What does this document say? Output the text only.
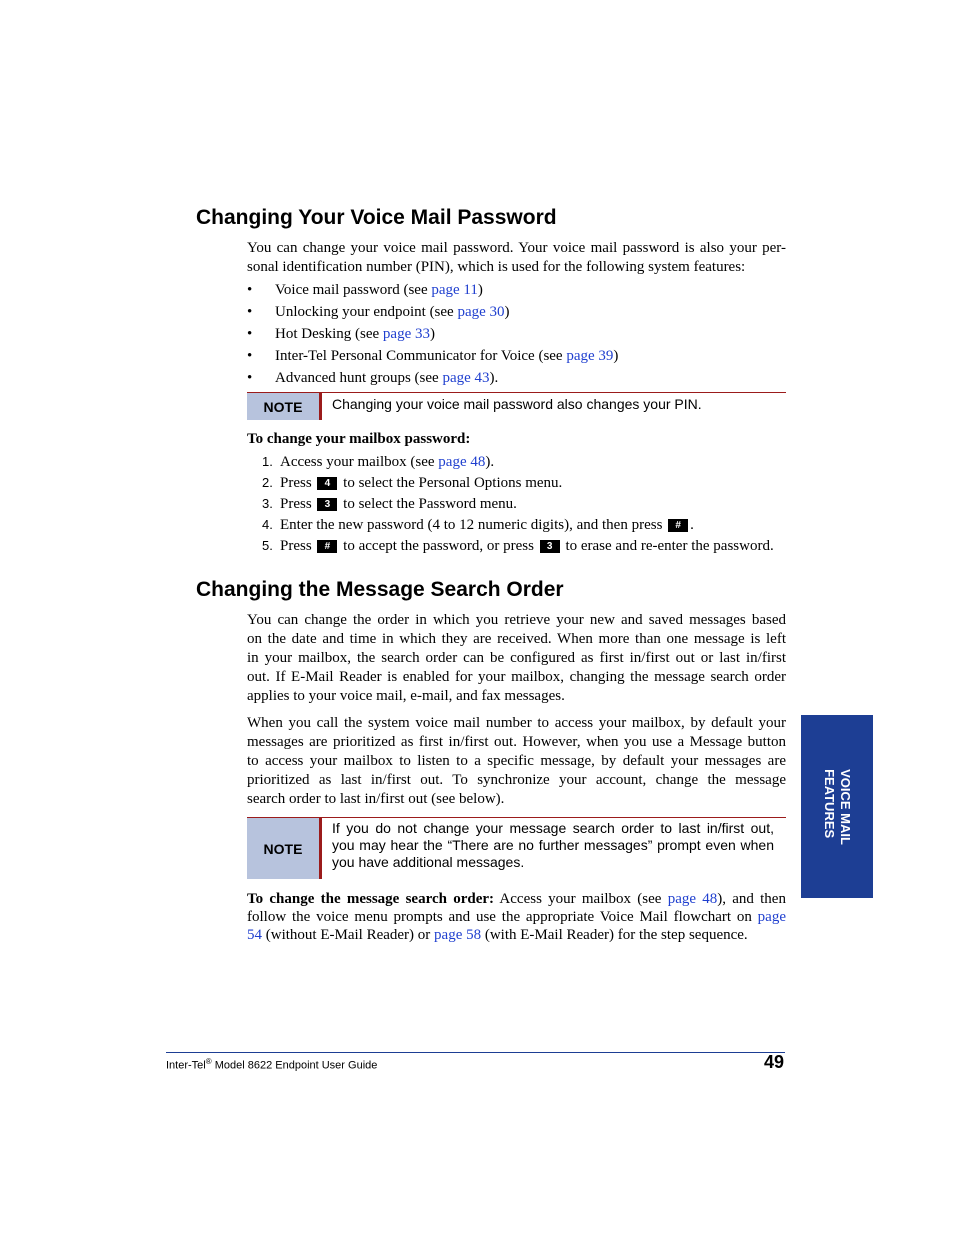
Changing Your Voice Mail Password

You can change your voice mail password. Your voice mail password is also your per-
sonal identification number (PIN), which is used for the following system features:

• Voice mail password (see page 11)
• Unlocking your endpoint (see page 30)
• Hot Desking (see page 33)
• Inter-Tel Personal Communicator for Voice (see page 39)
• Advanced hunt groups (see page 43).
NOTE	Changing your voice mail password also changes your PIN.

To change your mailbox password:

1. Access your mailbox (see page 48).
2. Press 4 to select the Personal Options menu.
3. Press 3 to select the Password menu.
4. Enter the new password (4 to 12 numeric digits), and then press # .
5. Press # to accept the password, or press 3 to erase and re-enter the password.
Changing the Message Search Order

You can change the order in which you retrieve your new and saved messages based
on the date and time in which they are received. When more than one message is left
in your mailbox, the search order can be configured as first in/first out or last in/first
out. If E-Mail Reader is enabled for your mailbox, changing the message search order
applies to your voice mail, e-mail, and fax messages.

When you call the system voice mail number to access your mailbox, by default your
messages are prioritized as first in/first out. However, when you use a Message button
to access your mailbox to listen to a specific message, by default your messages are
prioritized as last in/first out. To synchronize your account, change the message
search order to last in/first out (see below).

NOTE
If you do not change your message search order to last in/first out,
you may hear the “There are no further messages” prompt even when
you have additional messages.

To change the message search order: Access your mailbox (see page 48), and then
follow the voice menu prompts and use the appropriate Voice Mail flowchart on page
54 (without E-Mail Reader) or page 58 (with E-Mail Reader) for the step sequence.

VOICE MAIL
FEATURES
Inter-Tel® Model 8622 Endpoint User Guide	49
